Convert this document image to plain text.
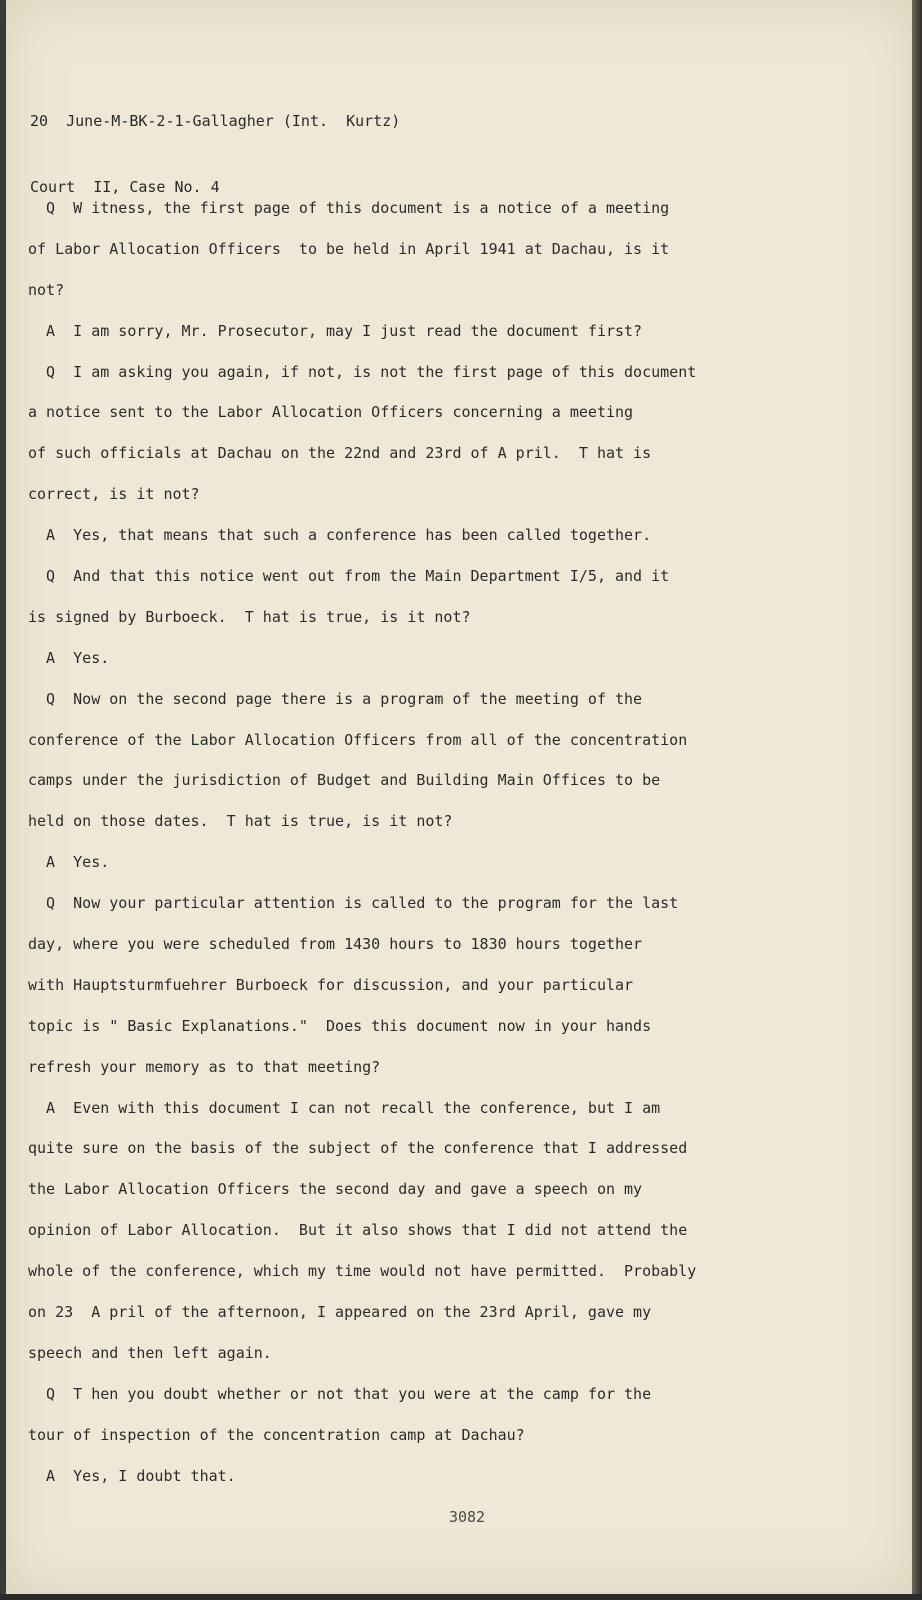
20  June-M-BK-2-1-Gallagher (Int.  Kurtz)

Court  II, Case No. 4

Q  W itness, the first page of this document is a notice of a meeting
of Labor Allocation Officers  to be held in April 1941 at Dachau, is it
not?
A  I am sorry, Mr. Prosecutor, may I just read the document first?
Q  I am asking you again, if not, is not the first page of this document
a notice sent to the Labor Allocation Officers concerning a meeting
of such officials at Dachau on the 22nd and 23rd of A pril.  T hat is
correct, is it not?
A  Yes, that means that such a conference has been called together.
Q  And that this notice went out from the Main Department I/5, and it
is signed by Burboeck.  T hat is true, is it not?
A  Yes.
Q  Now on the second page there is a program of the meeting of the
conference of the Labor Allocation Officers from all of the concentration
camps under the jurisdiction of Budget and Building Main Offices to be
held on those dates.  T hat is true, is it not?
A  Yes.
Q  Now your particular attention is called to the program for the last
day, where you were scheduled from 1430 hours to 1830 hours together
with Hauptsturmfuehrer Burboeck for discussion, and your particular
topic is " Basic Explanations."  Does this document now in your hands
refresh your memory as to that meeting?
A  Even with this document I can not recall the conference, but I am
quite sure on the basis of the subject of the conference that I addressed
the Labor Allocation Officers the second day and gave a speech on my
opinion of Labor Allocation.  But it also shows that I did not attend the
whole of the conference, which my time would not have permitted.  Probably
on 23  A pril of the afternoon, I appeared on the 23rd April, gave my
speech and then left again.
Q  T hen you doubt whether or not that you were at the camp for the
tour of inspection of the concentration camp at Dachau?
A  Yes, I doubt that.
3082
